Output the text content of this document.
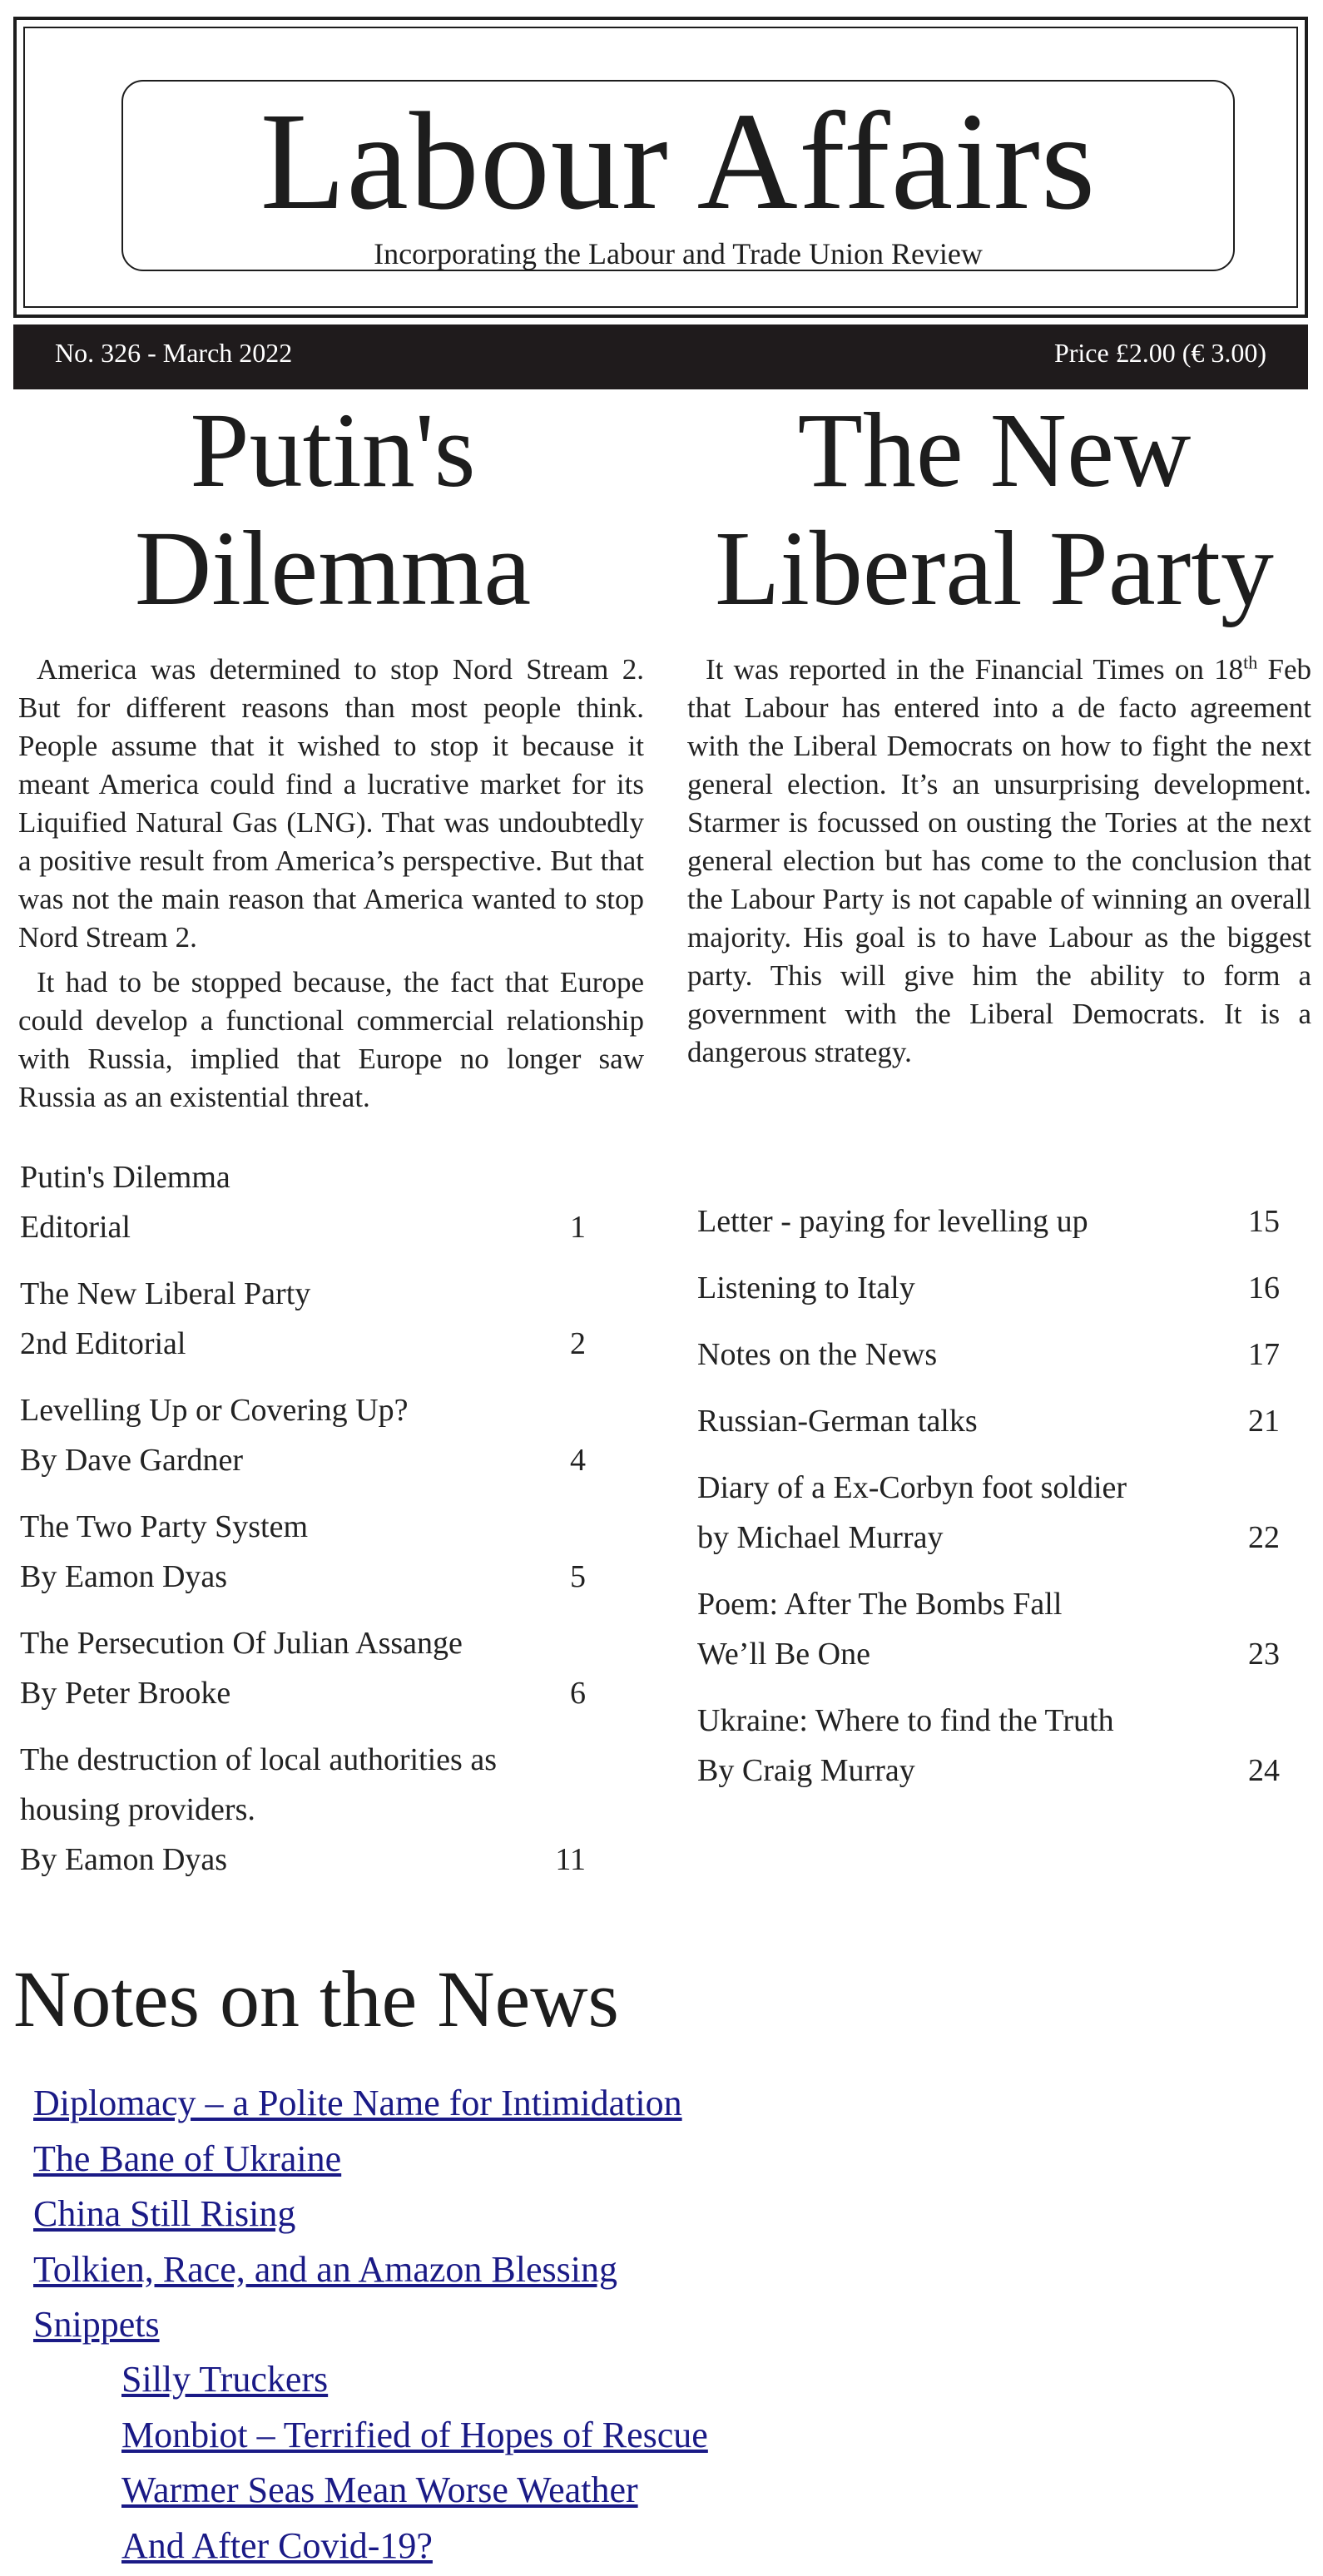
Labour Affairs
Incorporating the Labour and Trade Union Review
No. 326 - March 2022	Price £2.00 (€ 3.00)
Putin's
Dilemma
The New
Liberal Party

America was determined to stop Nord Stream 2. But for different reasons than most people think. People assume that it wished to stop it because it meant America could find a lucrative market for its Liquified Natural Gas (LNG). That was undoubtedly a positive result from America’s perspective. But that was not the main reason that America wanted to stop Nord Stream 2.

It had to be stopped because, the fact that Europe could develop a functional commercial relationship with Russia, implied that Europe no longer saw Russia as an existential threat.

It was reported in the Financial Times on 18th Feb that Labour has entered into a de facto agreement with the Liberal Democrats on how to fight the next general election. It’s an unsurprising development. Starmer is focussed on ousting the Tories at the next general election but has come to the conclusion that the Labour Party is not capable of winning an overall majority. His goal is to have Labour as the biggest party. This will give him the ability to form a government with the Liberal Democrats. It is a dangerous strategy.

Putin's Dilemma
Editorial	1
The New Liberal Party
2nd Editorial	2
Levelling Up or Covering Up?
By Dave Gardner	4
The Two Party System
By Eamon Dyas	5
The Persecution Of Julian Assange
By Peter Brooke	6
The destruction of local authorities as
housing providers.
By Eamon Dyas	11
Letter - paying for levelling up	15
Listening to Italy	16
Notes on the News	17
Russian-German talks	21
Diary of a Ex-Corbyn foot soldier
by Michael Murray	22
Poem: After The Bombs Fall
We’ll Be One	23
Ukraine: Where to find the Truth
By Craig Murray	24
Notes on the News
Diplomacy – a Polite Name for Intimidation
The Bane of Ukraine
China Still Rising
Tolkien, Race, and an Amazon Blessing
Snippets
Silly Truckers
Monbiot – Terrified of Hopes of Rescue
Warmer Seas Mean Worse Weather
And After Covid-19?
